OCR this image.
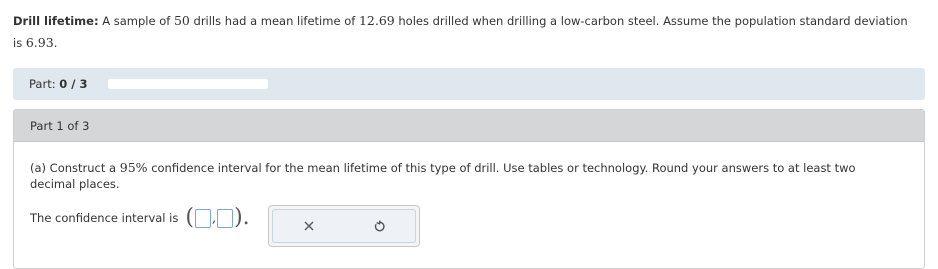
Drill lifetime: A sample of 50 drills had a mean lifetime of 12.69 holes drilled when drilling a low-carbon steel. Assume the population standard deviation is 6.93.
Part: 0 / 3
Part 1 of 3
(a) Construct a 95% confidence interval for the mean lifetime of this type of drill. Use tables or technology. Round your answers to at least two decimal places.
The confidence interval is ( , ).
